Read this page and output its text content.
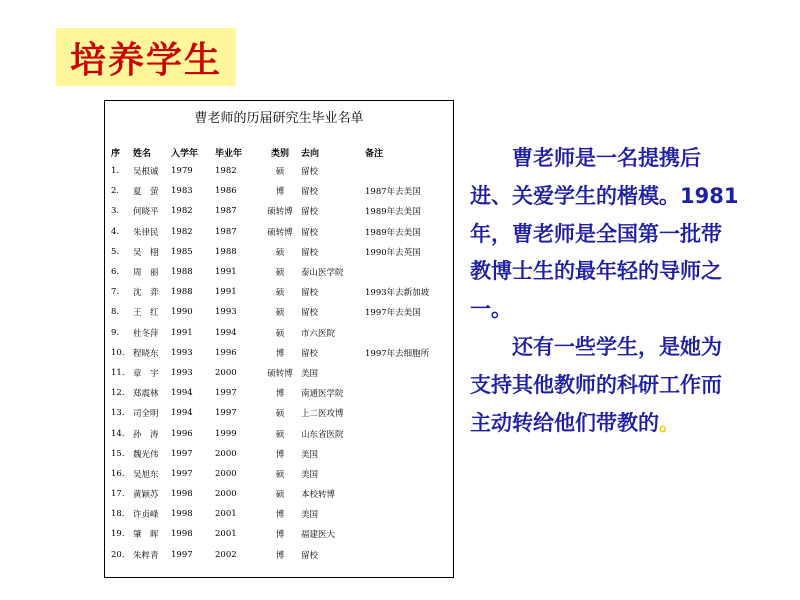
培养学生
曹老师的历届研究生毕业名单
序	姓名	入学年	毕业年	类别	去向	备注
1.	吴根诚	1979	1982	硕	留校	
2.	夏　萤	1983	1986	博	留校	1987年去美国
3.	何晓平	1982	1987	硕转博	留校	1989年去美国
4.	朱律民	1982	1987	硕转博	留校	1989年去美国
5.	吴　栩	1985	1988	硕	留校	1990年去英国
6.	周　丽	1988	1991	硕	泰山医学院	
7.	沈　弈	1988	1991	硕	留校	1993年去新加坡
8.	王　红	1990	1993	硕	留校	1997年去美国
9.	杜冬萍	1991	1994	硕	市六医院	
10.	程晓东	1993	1996	博	留校	1997年去细胞所
11.	章　宇	1993	2000	硕转博	美国	
12.	郑震林	1994	1997	博	南通医学院	
13.	司全明	1994	1997	硕	上二医攻博	
14.	孙　涛	1996	1999	硕	山东省医院	
15.	魏光伟	1997	2000	博	美国	
16.	吴旭东	1997	2000	硕	美国	
17.	黄颖苏	1998	2000	硕	本校转博	
18.	许贞峰	1998	2001	博	美国	
19.	肇　晖	1998	2001	博	福建医大	
20.	朱粹青	1997	2002	博	留校	

曹老师是一名提携后进、关爱学生的楷模。1981年，曹老师是全国第一批带教博士生的最年轻的导师之一。

还有一些学生，是她为支持其他教师的科研工作而主动转给他们带教的。
